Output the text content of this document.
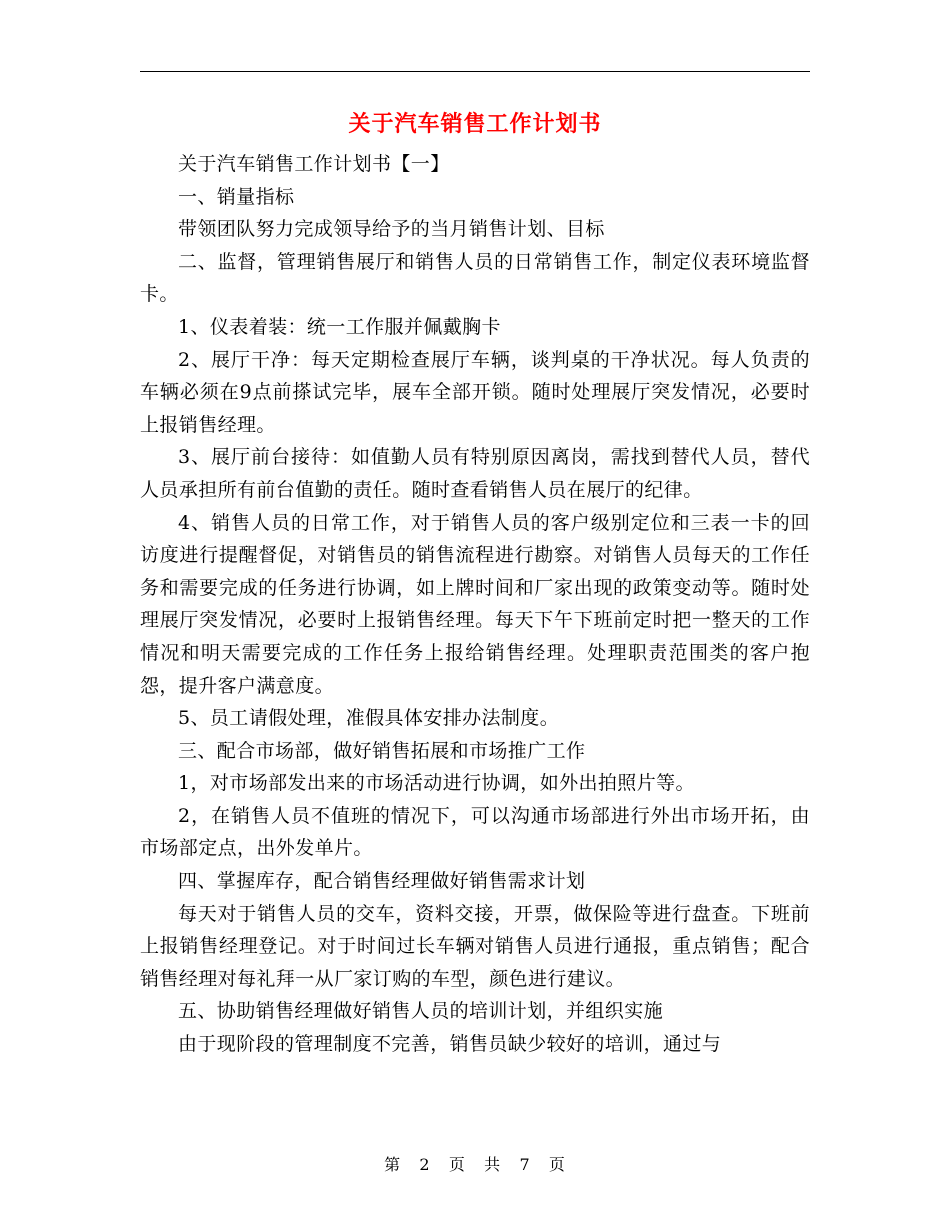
关于汽车销售工作计划书

关于汽车销售工作计划书【一】

一、销量指标

带领团队努力完成领导给予的当月销售计划、目标

二、监督，管理销售展厅和销售人员的日常销售工作，制定仪表环境监督卡。

1、仪表着装：统一工作服并佩戴胸卡

2、展厅干净：每天定期检查展厅车辆，谈判桌的干净状况。每人负责的车辆必须在9点前搽试完毕，展车全部开锁。随时处理展厅突发情况，必要时上报销售经理。

3、展厅前台接待：如值勤人员有特别原因离岗，需找到替代人员，替代人员承担所有前台值勤的责任。随时查看销售人员在展厅的纪律。

4、销售人员的日常工作，对于销售人员的客户级别定位和三表一卡的回访度进行提醒督促，对销售员的销售流程进行勘察。对销售人员每天的工作任务和需要完成的任务进行协调，如上牌时间和厂家出现的政策变动等。随时处理展厅突发情况，必要时上报销售经理。每天下午下班前定时把一整天的工作情况和明天需要完成的工作任务上报给销售经理。处理职责范围类的客户抱怨，提升客户满意度。

5、员工请假处理，准假具体安排办法制度。

三、配合市场部，做好销售拓展和市场推广工作

1，对市场部发出来的市场活动进行协调，如外出拍照片等。

2，在销售人员不值班的情况下，可以沟通市场部进行外出市场开拓，由市场部定点，出外发单片。

四、掌握库存，配合销售经理做好销售需求计划

每天对于销售人员的交车，资料交接，开票，做保险等进行盘查。下班前上报销售经理登记。对于时间过长车辆对销售人员进行通报，重点销售；配合销售经理对每礼拜一从厂家订购的车型，颜色进行建议。

五、协助销售经理做好销售人员的培训计划，并组织实施

由于现阶段的管理制度不完善，销售员缺少较好的培训，通过与

第 2 页 共 7 页
